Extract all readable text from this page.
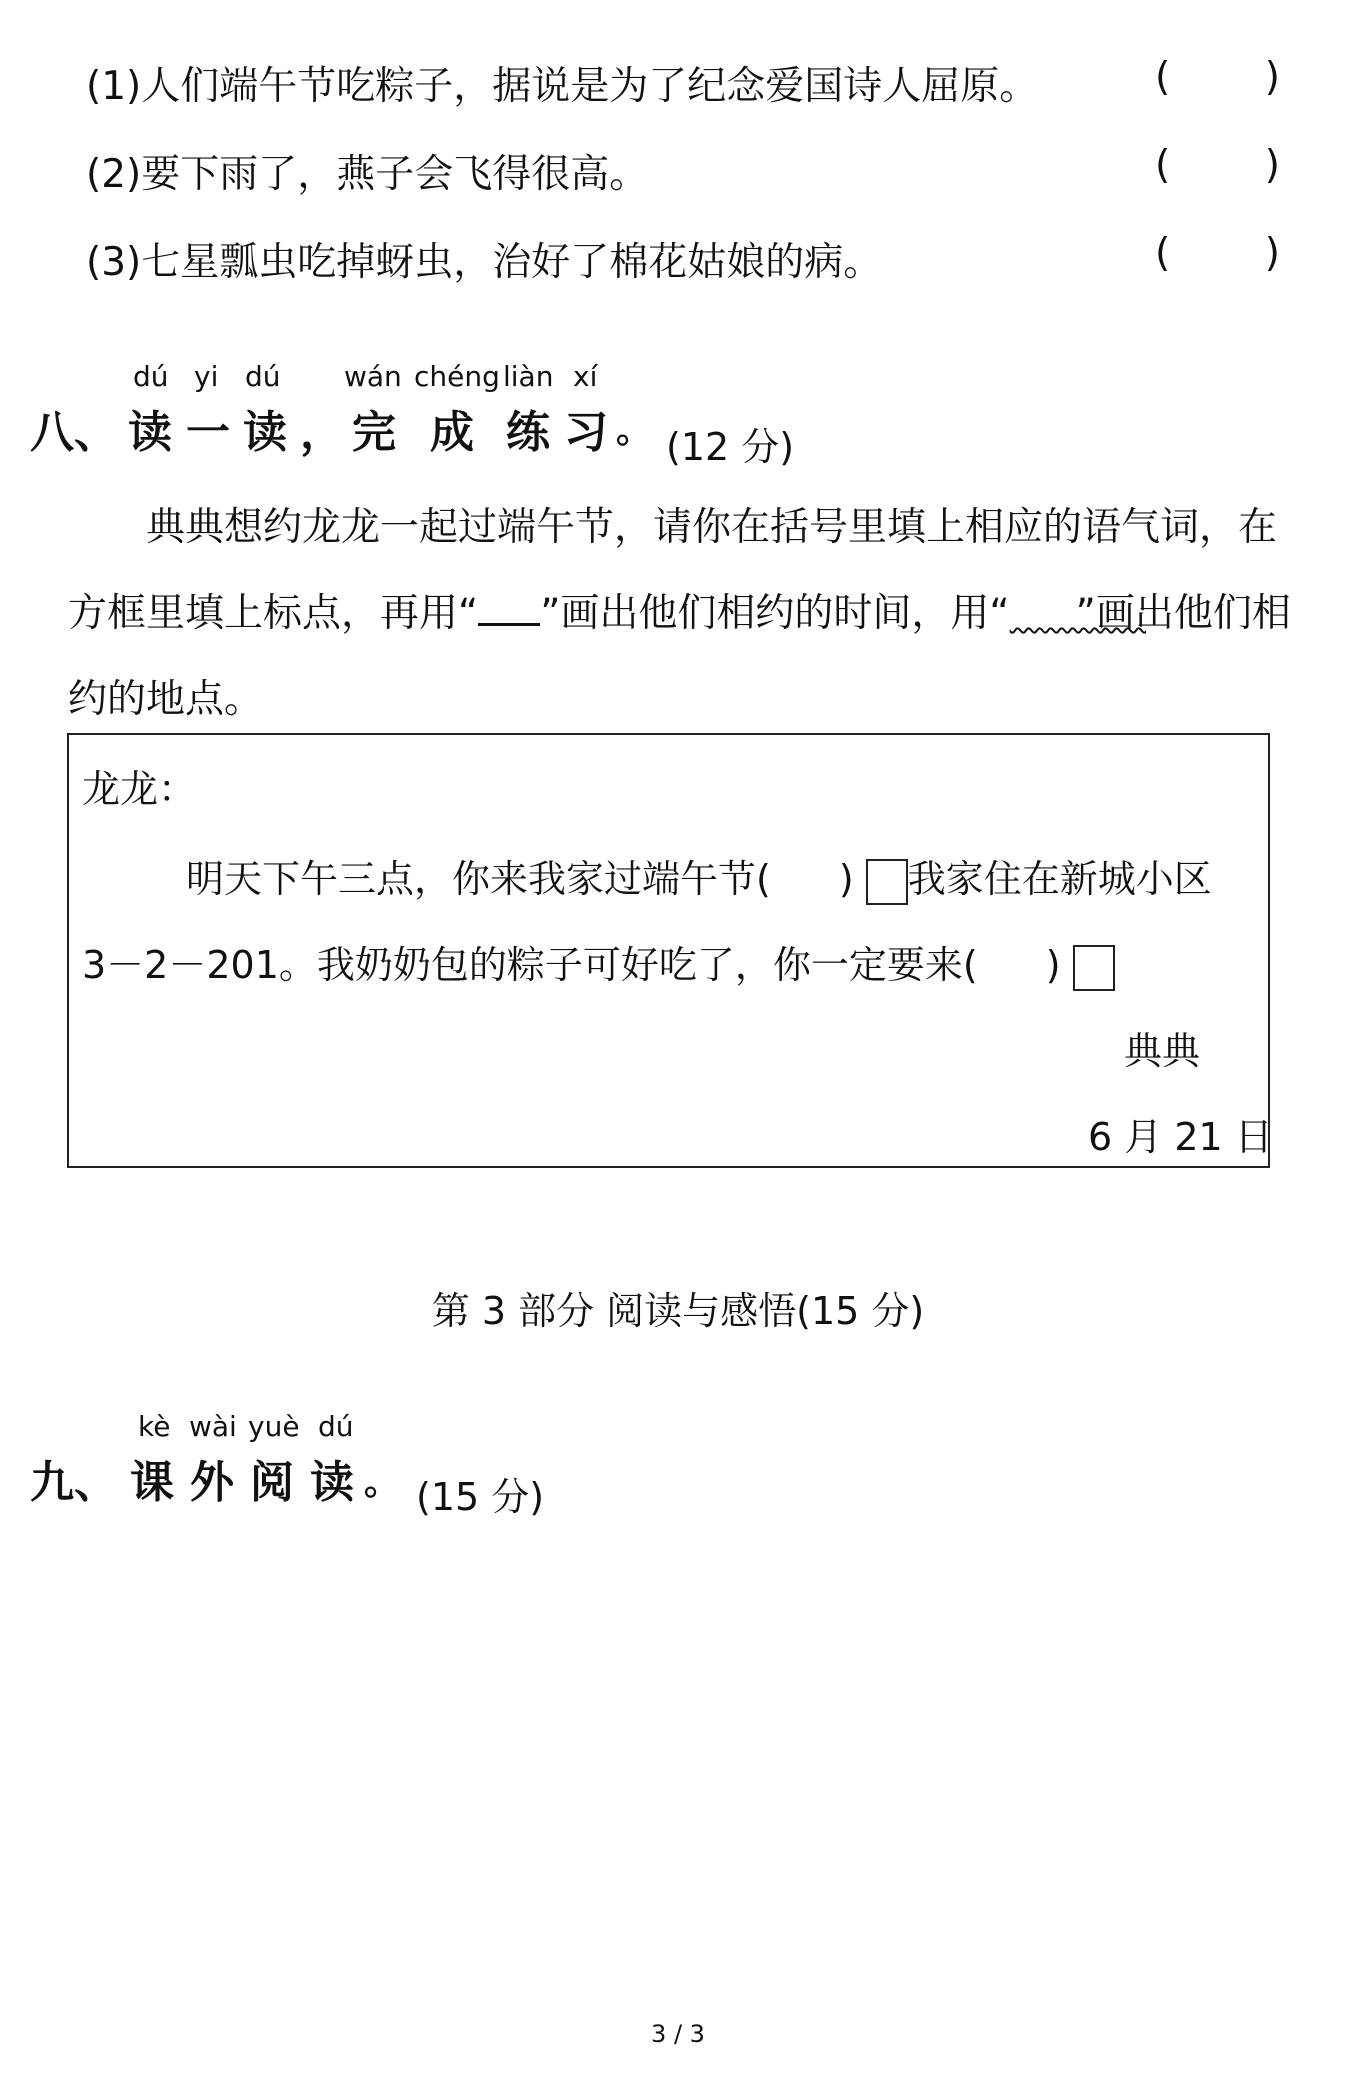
(1)人们端午节吃粽子，据说是为了纪念爱国诗人屈原。	( )
(2)要下雨了，燕子会飞得很高。	( )
(3)七星瓢虫吃掉蚜虫，治好了棉花姑娘的病。	( )
dú yi dú wán chéng liàn xí
八、 读 一 读 ， 完 成 练 习 。 (12 分)
典典想约龙龙一起过端午节，请你在括号里填上相应的语气词，在
方框里填上标点，再用“ ”画出他们相约的时间，用“ ”画出他们相
约的地点。
龙龙：
明天下午三点，你来我家过端午节( ) 我家住在新城小区
3－2－201。我奶奶包的粽子可好吃了，你一定要来( )
典典
6 月 21 日
第 3 部分 阅读与感悟(15 分)
kè wài yuè dú
九、 课 外 阅 读 。 (15 分)
3 / 3
